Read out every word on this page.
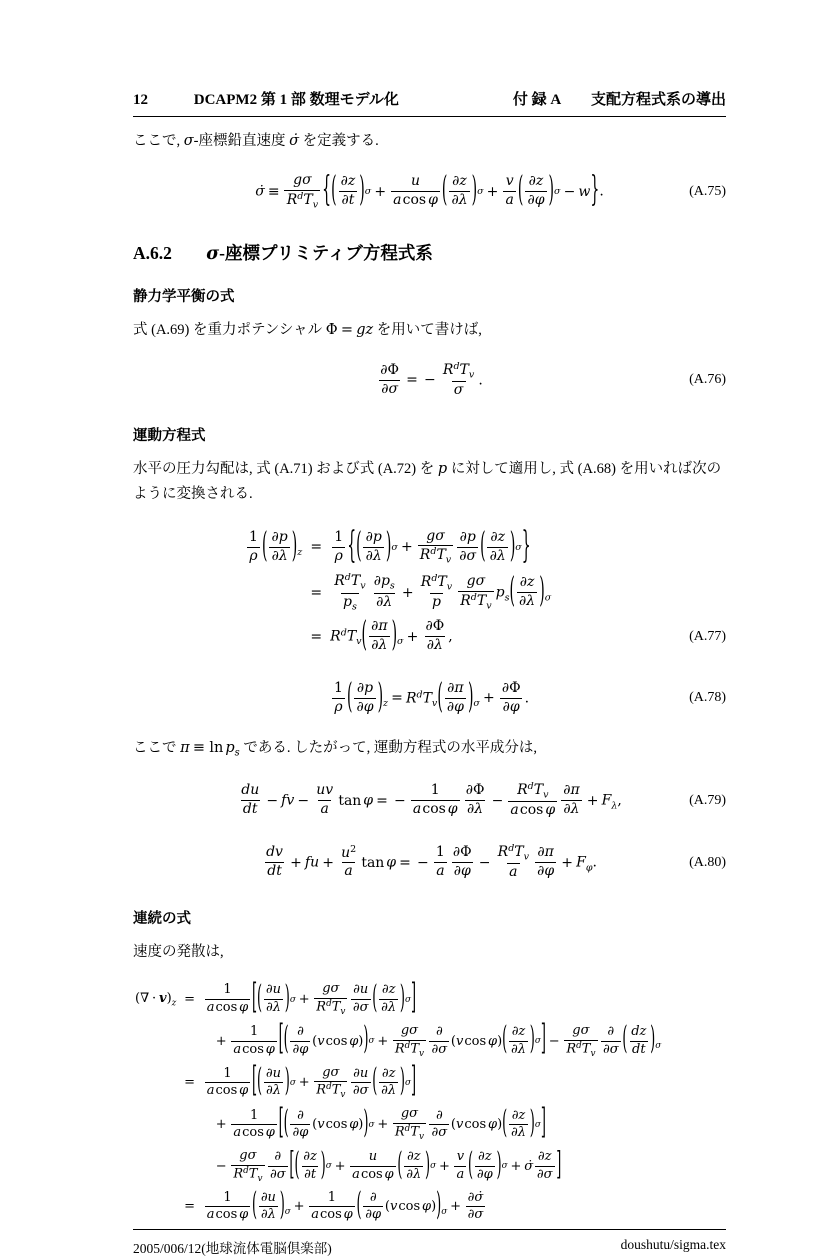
12	DCAPM2 第 1 部 数理モデル化	付 録 A 支配方程式系の導出

ここで, σ-座標鉛直速度 σ̇ を定義する.

σ̇ ≡
gσ
$R^dT_v$ { ( ∂z
∂t ) $\sigma + \frac{u}{\text{acos φ}}$ ( ∂z
∂λ ) $\sigma + \frac{v}{a}$ ( ∂z
∂φ ) σ − w } .	(A.75)
A.6.2 σ-座標プリミティブ方程式系
静力学平衡の式

式 (A.69) を重力ポテンシャル Φ = gz を用いて書けば,

$\frac{\partial\Phi}{\partial\sigma}$ = −
$R^dT_v$
σ
.	(A.76)
運動方程式

水平の圧力勾配は, 式 (A.71) および式 (A.72) を p に対して適用し, 式 (A.68) を用いれば次のように変換される.

$\frac{1}{\rho}$ ( ∂p
∂λ ) $_z$	=	$\frac{1}{\rho}$ { ( ∂p
∂λ ) σ +
gσ
$R^dT_v$
∂p
∂σ ( ∂z
∂λ ) σ }

	=	
$R^dT_v$
$p_s \frac{\partial p_s}{\partial\lambda}$ +
$R^dT_v$
p
gσ
$R^dT_v$
$p_s$ ( ∂z
∂λ ) $_\sigma$	
	=	$R^dT_v$ ( ∂π
∂λ ) $_\sigma + \frac{\partial\Phi}{\partial\lambda}$ ,	(A.77)
$\frac{1}{\rho}$ ( ∂p
∂φ ) $_z = R^dT_v$ ( ∂π
∂φ ) $_\sigma + \frac{\partial\Phi}{\partial\varphi}$ .	(A.78)

ここで $\pi \equiv \ln p_s$ である. したがって, 運動方程式の水平成分は,

$\frac{du}{dt}$ − fv − $\frac{uv}{a}$ tan φ = − $\frac{1}{\text{acos φ}} \frac{\partial\Phi}{\partial\lambda}$ −
$R^dT_v$
acos φ $\frac{\partial\pi}{\partial\lambda} + F_\lambda$,	(A.79)
$\frac{dv}{dt}$ + fu + $\frac{u^2}{a}$ tan φ = − $\frac{1}{a} \frac{\partial\Phi}{\partial\varphi}$ −
$R^dT_v$
a $\frac{\partial\pi}{\partial\varphi} + F_\varphi$.	(A.80)
連続の式

速度の発散は,

(∇ · $v)_z$	=	$\frac{1}{\text{acos φ}}$ [ ( ∂u
∂λ ) σ +
gσ
$R^dT_v$
∂u
∂σ ( ∂z
∂λ ) σ ]

		+ $\frac{1}{\text{acos φ}}$ [ ( ∂
∂φ
( v cos φ ) ) σ +
gσ
$R^dT_v$
∂
∂σ
( v cos φ ) ( ∂z
∂λ ) σ ] −
gσ
$R^dT_v$
∂
∂σ ( dz
dt ) $_\sigma$	
	=	$\frac{1}{\text{acos φ}}$ [ ( ∂u
∂λ ) σ +
gσ
$R^dT_v$
∂u
∂σ ( ∂z
∂λ ) σ ]

		+ $\frac{1}{\text{acos φ}}$ [ ( ∂
∂φ
( v cos φ ) ) σ +
gσ
$R^dT_v$
∂
∂σ
( v cos φ ) ( ∂z
∂λ ) σ ]

		−
gσ
$R^dT_v$
∂
∂σ [ ( ∂z
∂t ) $\sigma + \frac{u}{\text{acos φ}}$ ( ∂z
∂λ ) $\sigma + \frac{v}{a}$ ( ∂z
∂φ ) σ + σ̇
∂z
∂σ ]

	=	$\frac{1}{\text{acos φ}}$ ( ∂u
∂λ ) $_\sigma + \frac{1}{\text{acos φ}}$ ( ∂
∂φ
( v cos φ ) ) $_\sigma + \frac{\partial\sigmȧ}{\partial\sigma}$

2005/006/12(地球流体電脳倶楽部)	doushutu/sigma.tex
